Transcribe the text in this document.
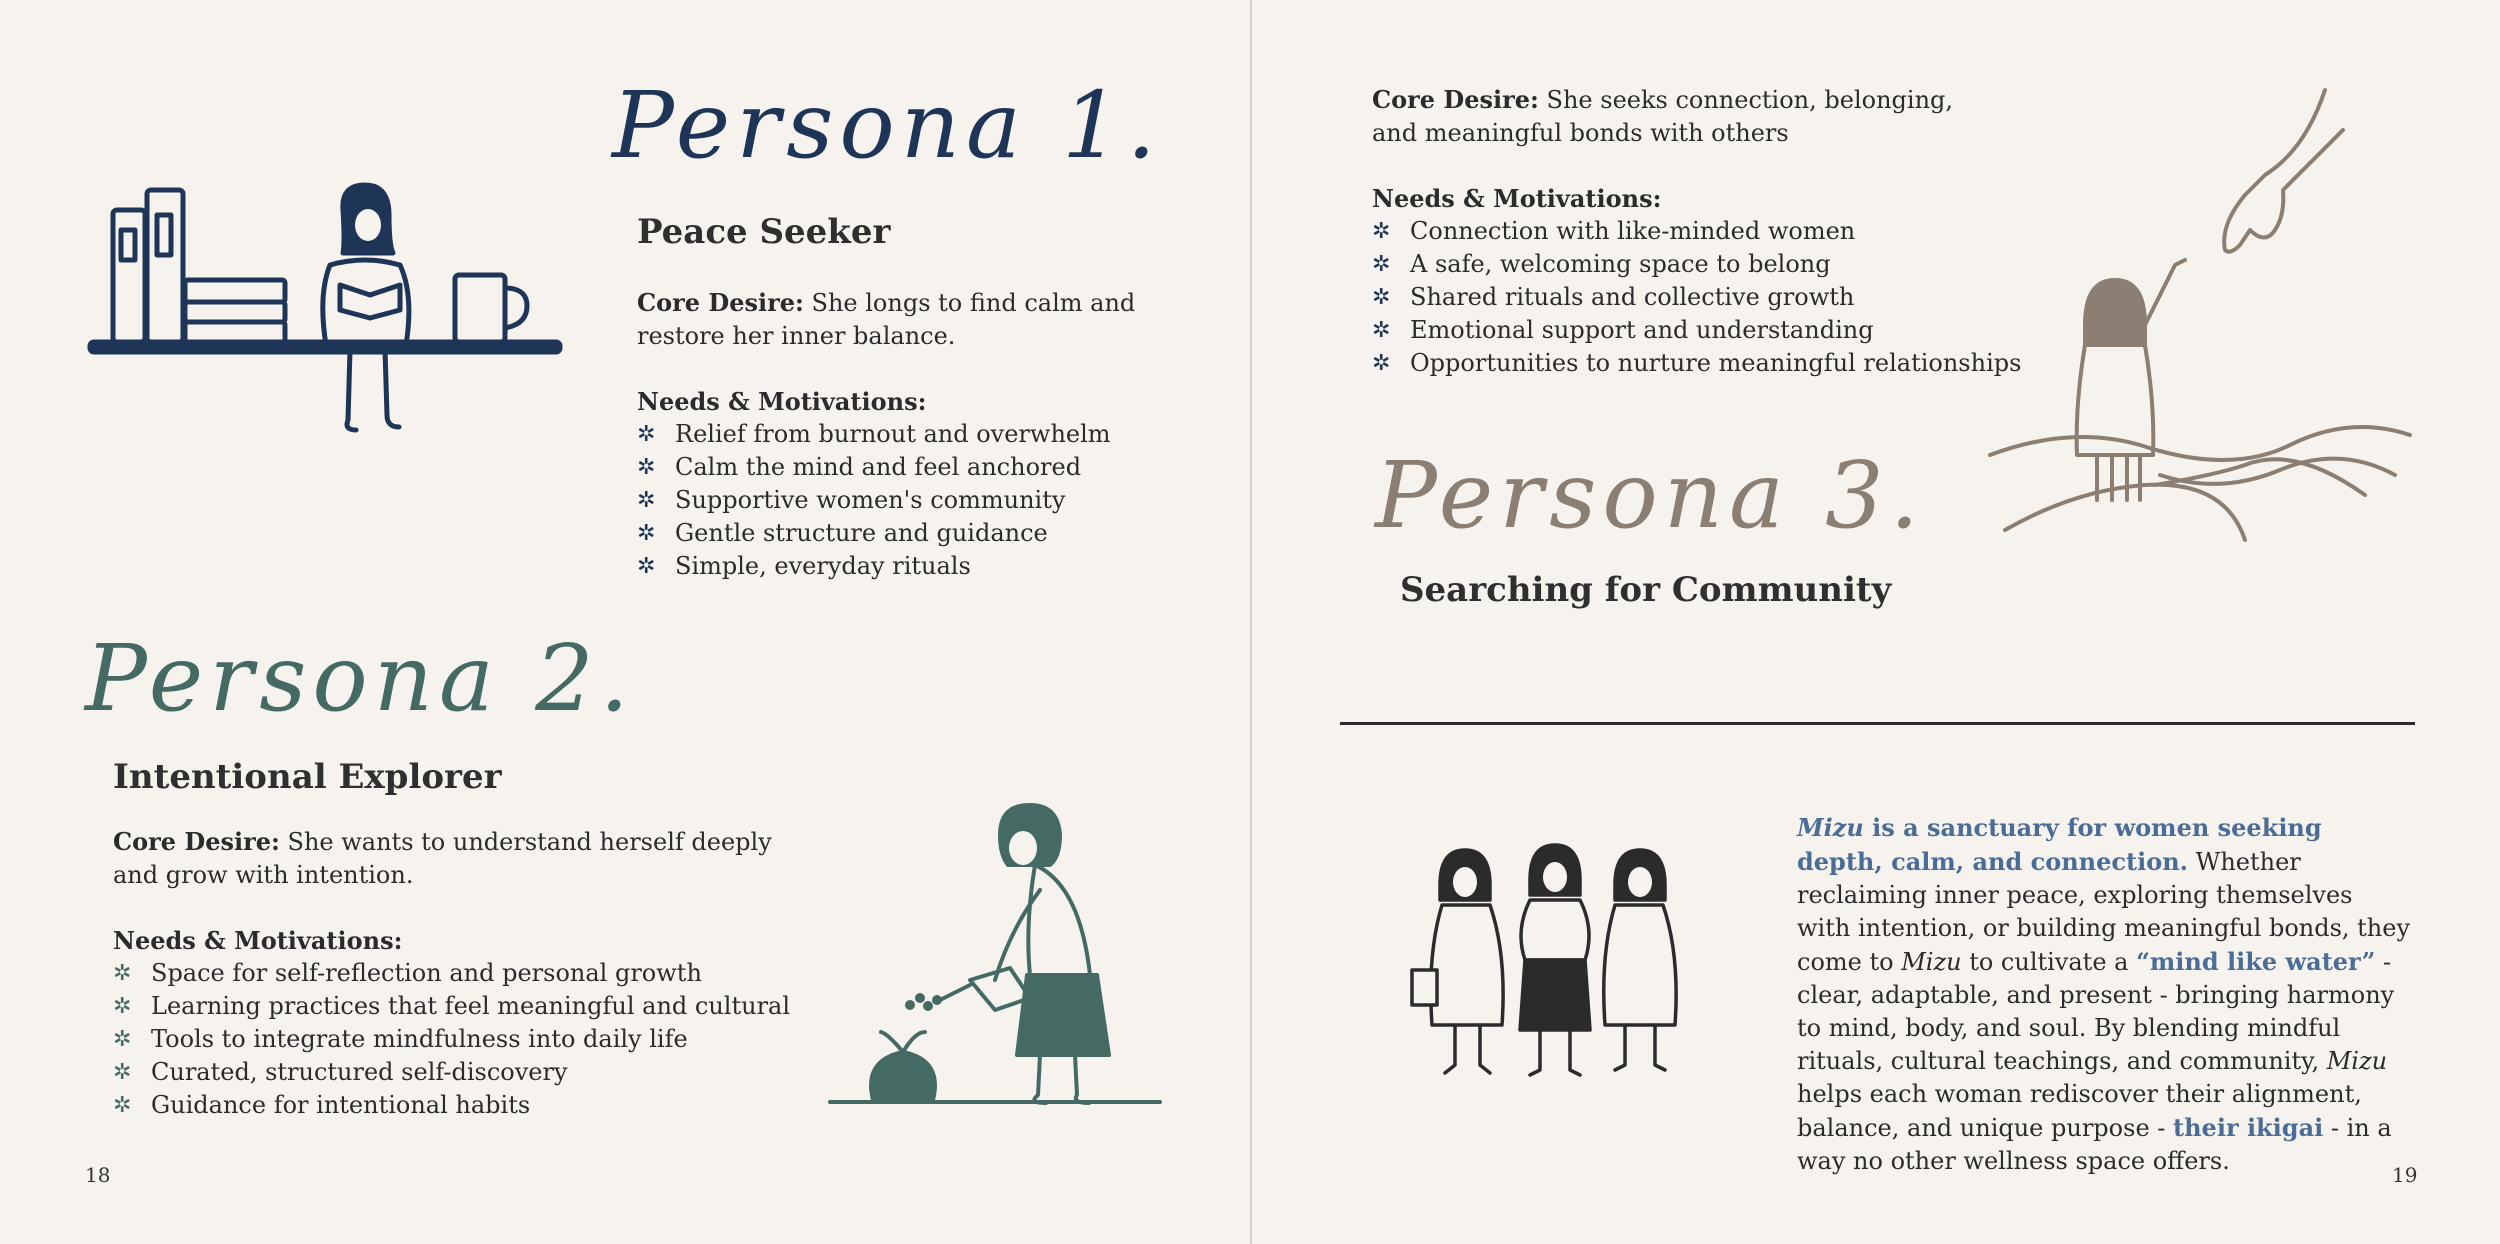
Persona 1.
Peace Seeker

Core Desire: She longs to find calm and
restore her inner balance.

Needs & Motivations:

✲ Relief from burnout and overwhelm
✲ Calm the mind and feel anchored
✲ Supportive women's community
✲ Gentle structure and guidance
✲ Simple, everyday rituals
Persona 2.
Intentional Explorer

Core Desire: She wants to understand herself deeply
and grow with intention.

Needs & Motivations:

✲ Space for self-reflection and personal growth
✲ Learning practices that feel meaningful and cultural
✲ Tools to integrate mindfulness into daily life
✲ Curated, structured self-discovery
✲ Guidance for intentional habits
18

Core Desire: She seeks connection, belonging,
and meaningful bonds with others

Needs & Motivations:

✲ Connection with like-minded women
✲ A safe, welcoming space to belong
✲ Shared rituals and collective growth
✲ Emotional support and understanding
✲ Opportunities to nurture meaningful relationships
Persona 3.
Searching for Community

Mizu is a sanctuary for women seeking depth, calm, and connection. Whether reclaiming inner peace, exploring themselves with intention, or building meaningful bonds, they come to Mizu to cultivate a “mind like water” - clear, adaptable, and present - bringing harmony to mind, body, and soul. By blending mindful rituals, cultural teachings, and community, Mizu helps each woman rediscover their alignment, balance, and unique purpose - their ikigai - in a way no other wellness space offers.	19
